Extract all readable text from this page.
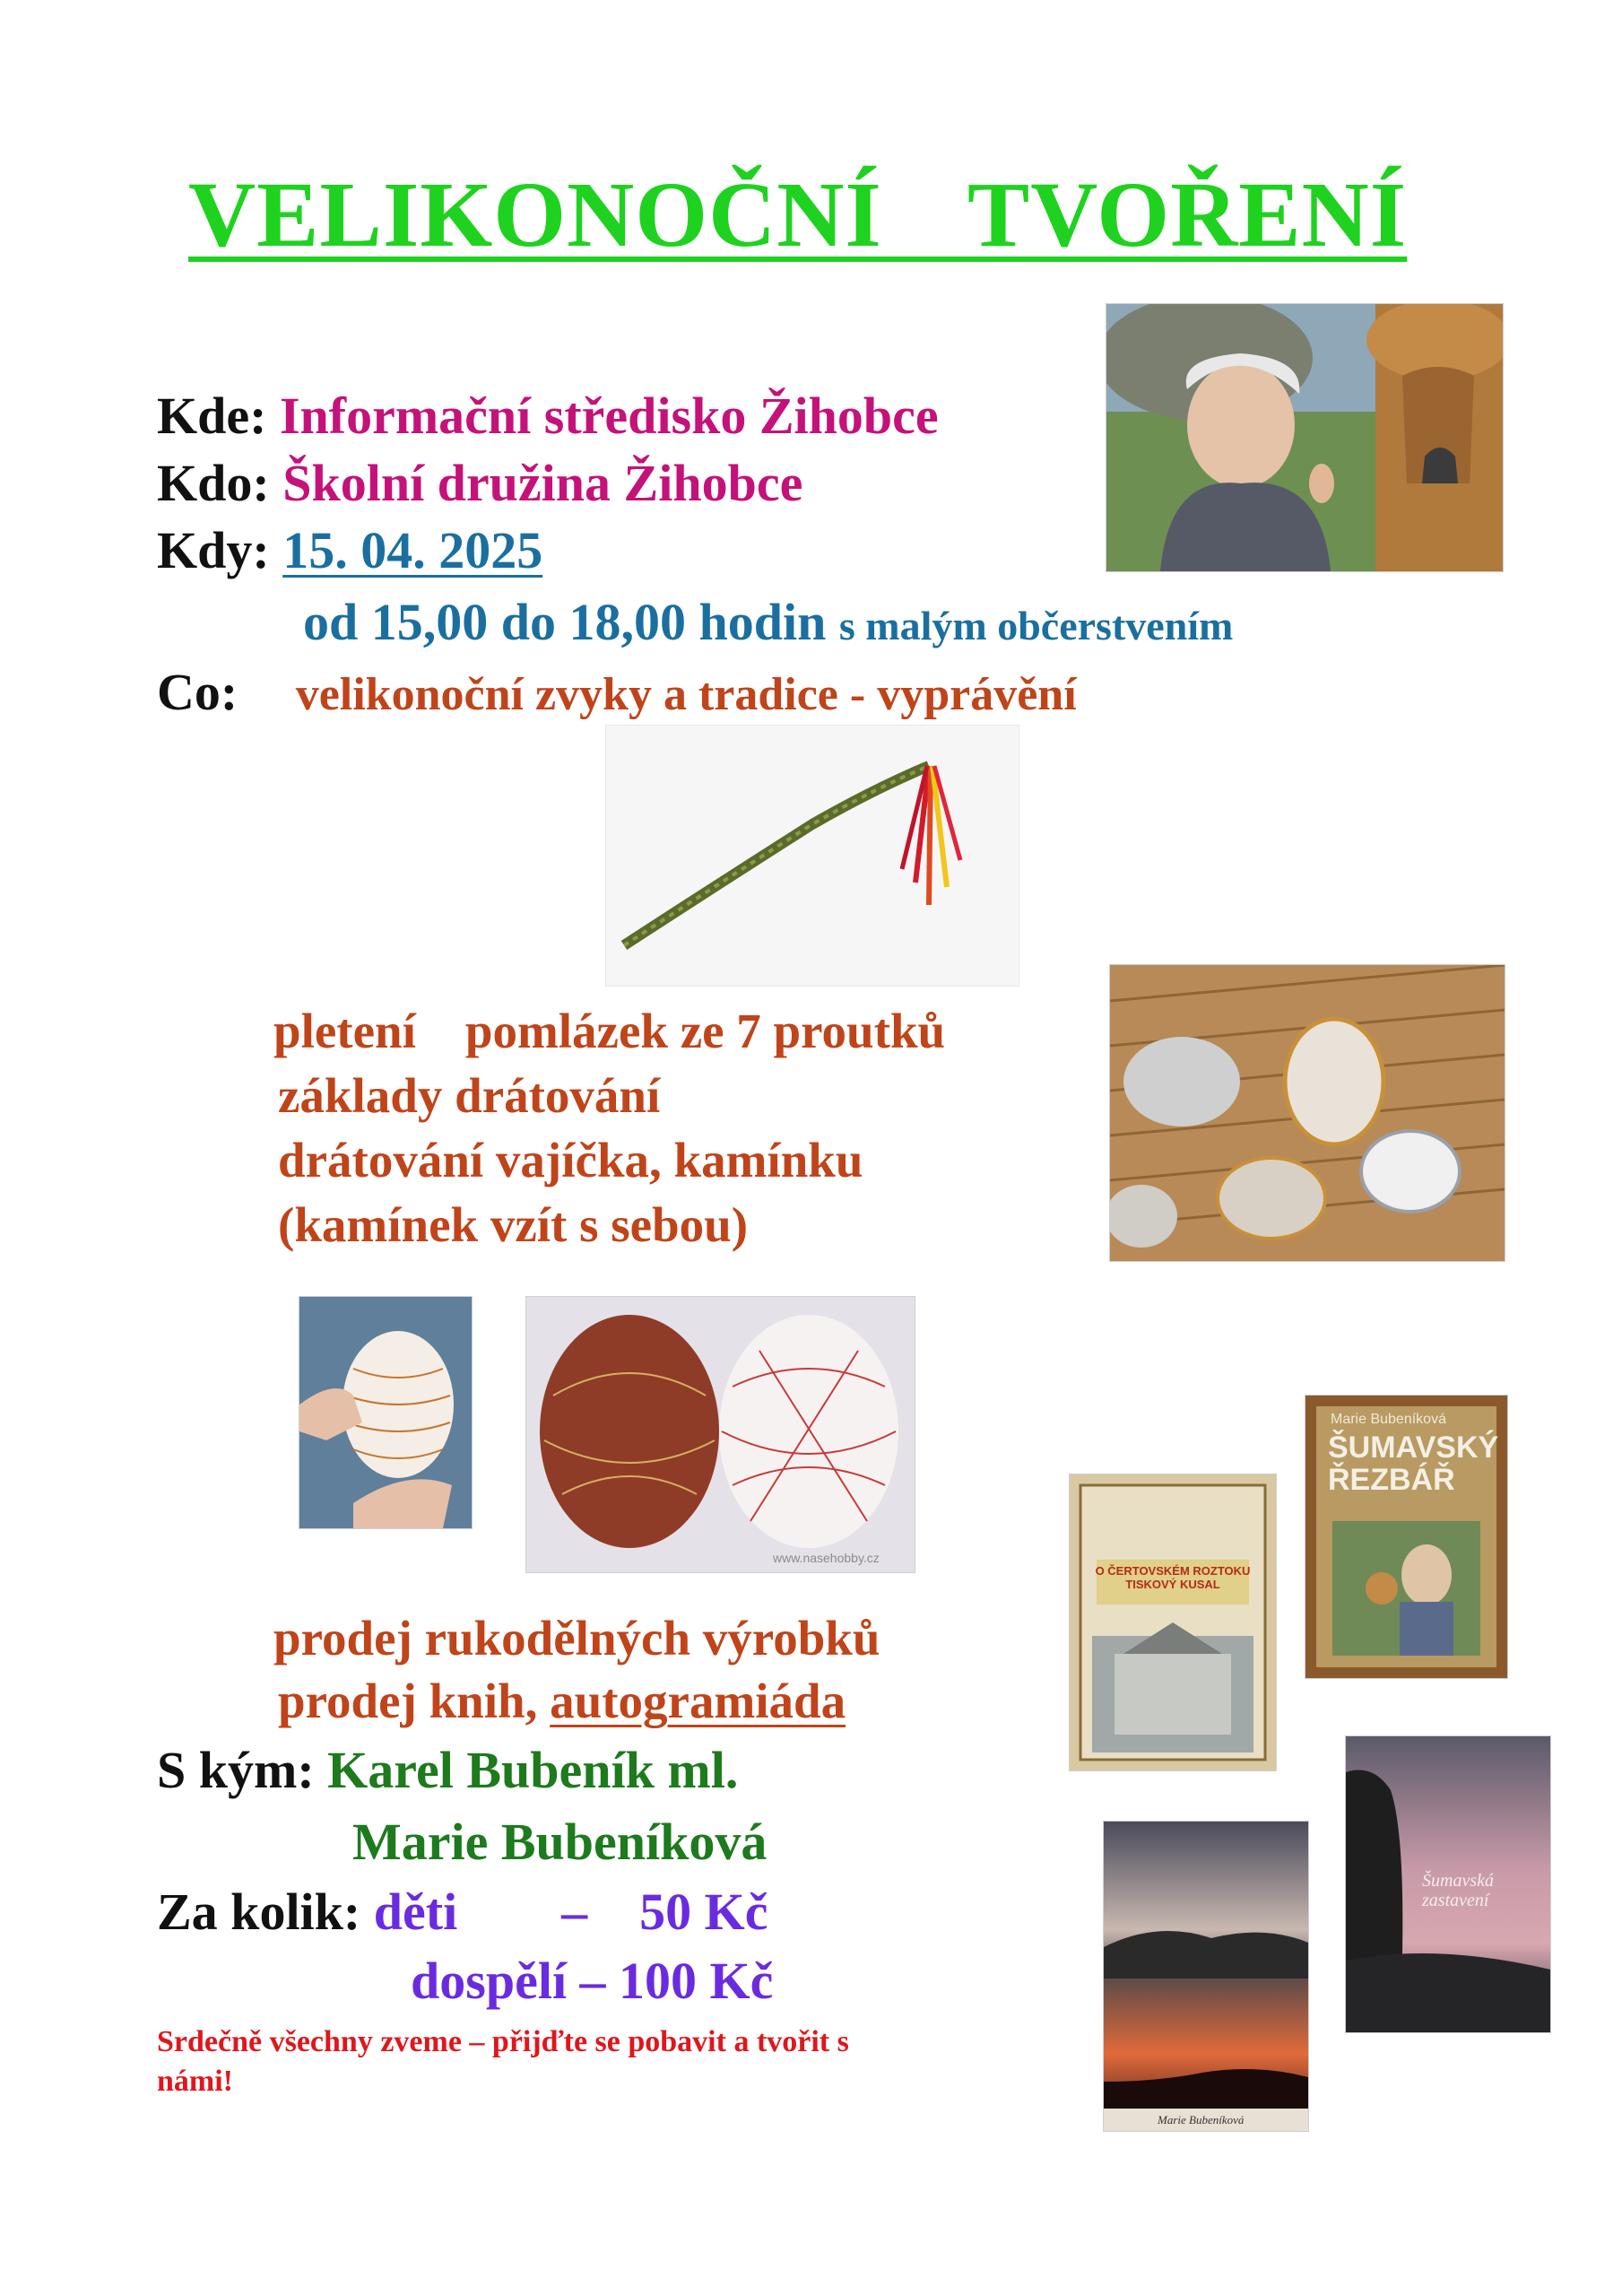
VELIKONOČNÍ TVOŘENÍ
Kde: Informační středisko Žihobce
Kdo: Školní družina Žihobce
Kdy: 15. 04. 2025
od 15,00 do 18,00 hodin s malým občerstvením
Co: velikonoční zvyky a tradice - vyprávění
pletení    pomlázek ze 7 proutků
základy drátování
drátování vajíčka, kamínku
(kamínek vzít s sebou)
prodej rukodělných výrobků
prodej knih, autogramiáda
S kým: Karel Bubeník ml.
Marie Bubeníková
Za kolik: děti        –    50 Kč
dospělí – 100 Kč
Srdečně všechny zveme – přijďte se pobavit a tvořit s
námi!
www.nasehobby.cz
O ČERTOVSKÉM ROZTOKU TISKOVÝ KUSAL
Marie Bubeníková
ŠUMAVSKÝ ŘEZBÁŘ
Marie Bubeníková
Šumavská zastavení
